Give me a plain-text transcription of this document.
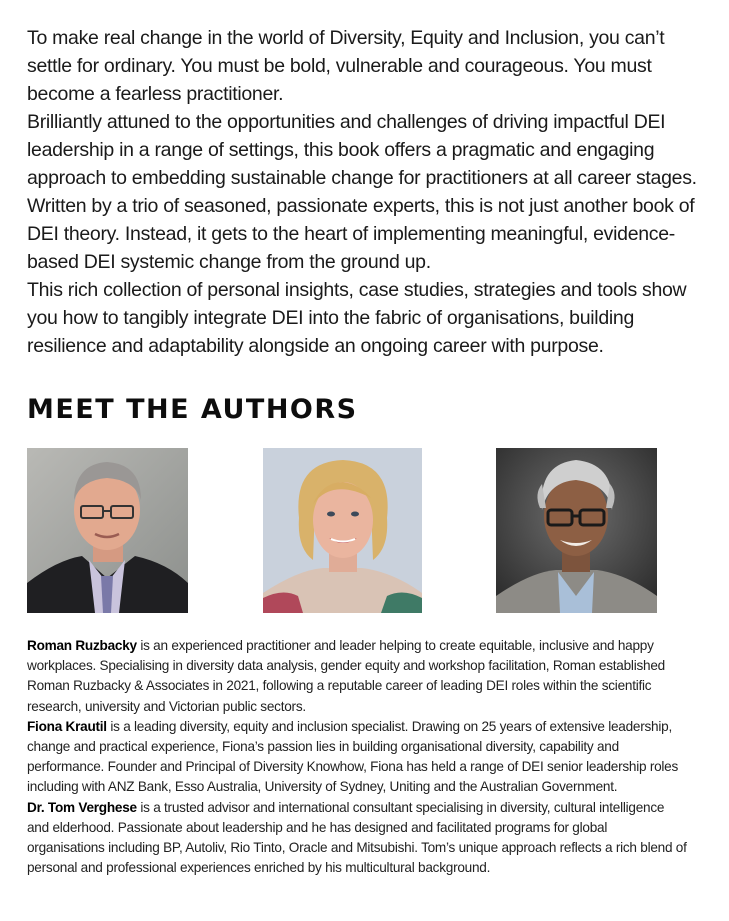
To make real change in the world of Diversity, Equity and Inclusion, you can’t settle for ordinary. You must be bold, vulnerable and courageous. You must become a fearless practitioner.

Brilliantly attuned to the opportunities and challenges of driving impactful DEI leadership in a range of settings, this book offers a pragmatic and engaging approach to embedding sustainable change for practitioners at all career stages.

Written by a trio of seasoned, passionate experts, this is not just another book of DEI theory. Instead, it gets to the heart of implementing meaningful, evidence-based DEI systemic change from the ground up.

This rich collection of personal insights, case studies, strategies and tools show you how to tangibly integrate DEI into the fabric of organisations, building resilience and adaptability alongside an ongoing career with purpose.

MEET THE AUTHORS

Roman Ruzbacky is an experienced practitioner and leader helping to create equitable, inclusive and happy workplaces. Specialising in diversity data analysis, gender equity and workshop facilitation, Roman established Roman Ruzbacky & Associates in 2021, following a reputable career of leading DEI roles within the scientific research, university and Victorian public sectors.

Fiona Krautil is a leading diversity, equity and inclusion specialist. Drawing on 25 years of extensive leadership, change and practical experience, Fiona’s passion lies in building organisational diversity, capability and performance. Founder and Principal of Diversity Knowhow, Fiona has held a range of DEI senior leadership roles including with ANZ Bank, Esso Australia, University of Sydney, Uniting and the Australian Government.

Dr. Tom Verghese is a trusted advisor and international consultant specialising in diversity, cultural intelligence and elderhood. Passionate about leadership and he has designed and facilitated programs for global organisations including BP, Autoliv, Rio Tinto, Oracle and Mitsubishi. Tom’s unique approach reflects a rich blend of personal and professional experiences enriched by his multicultural background.
